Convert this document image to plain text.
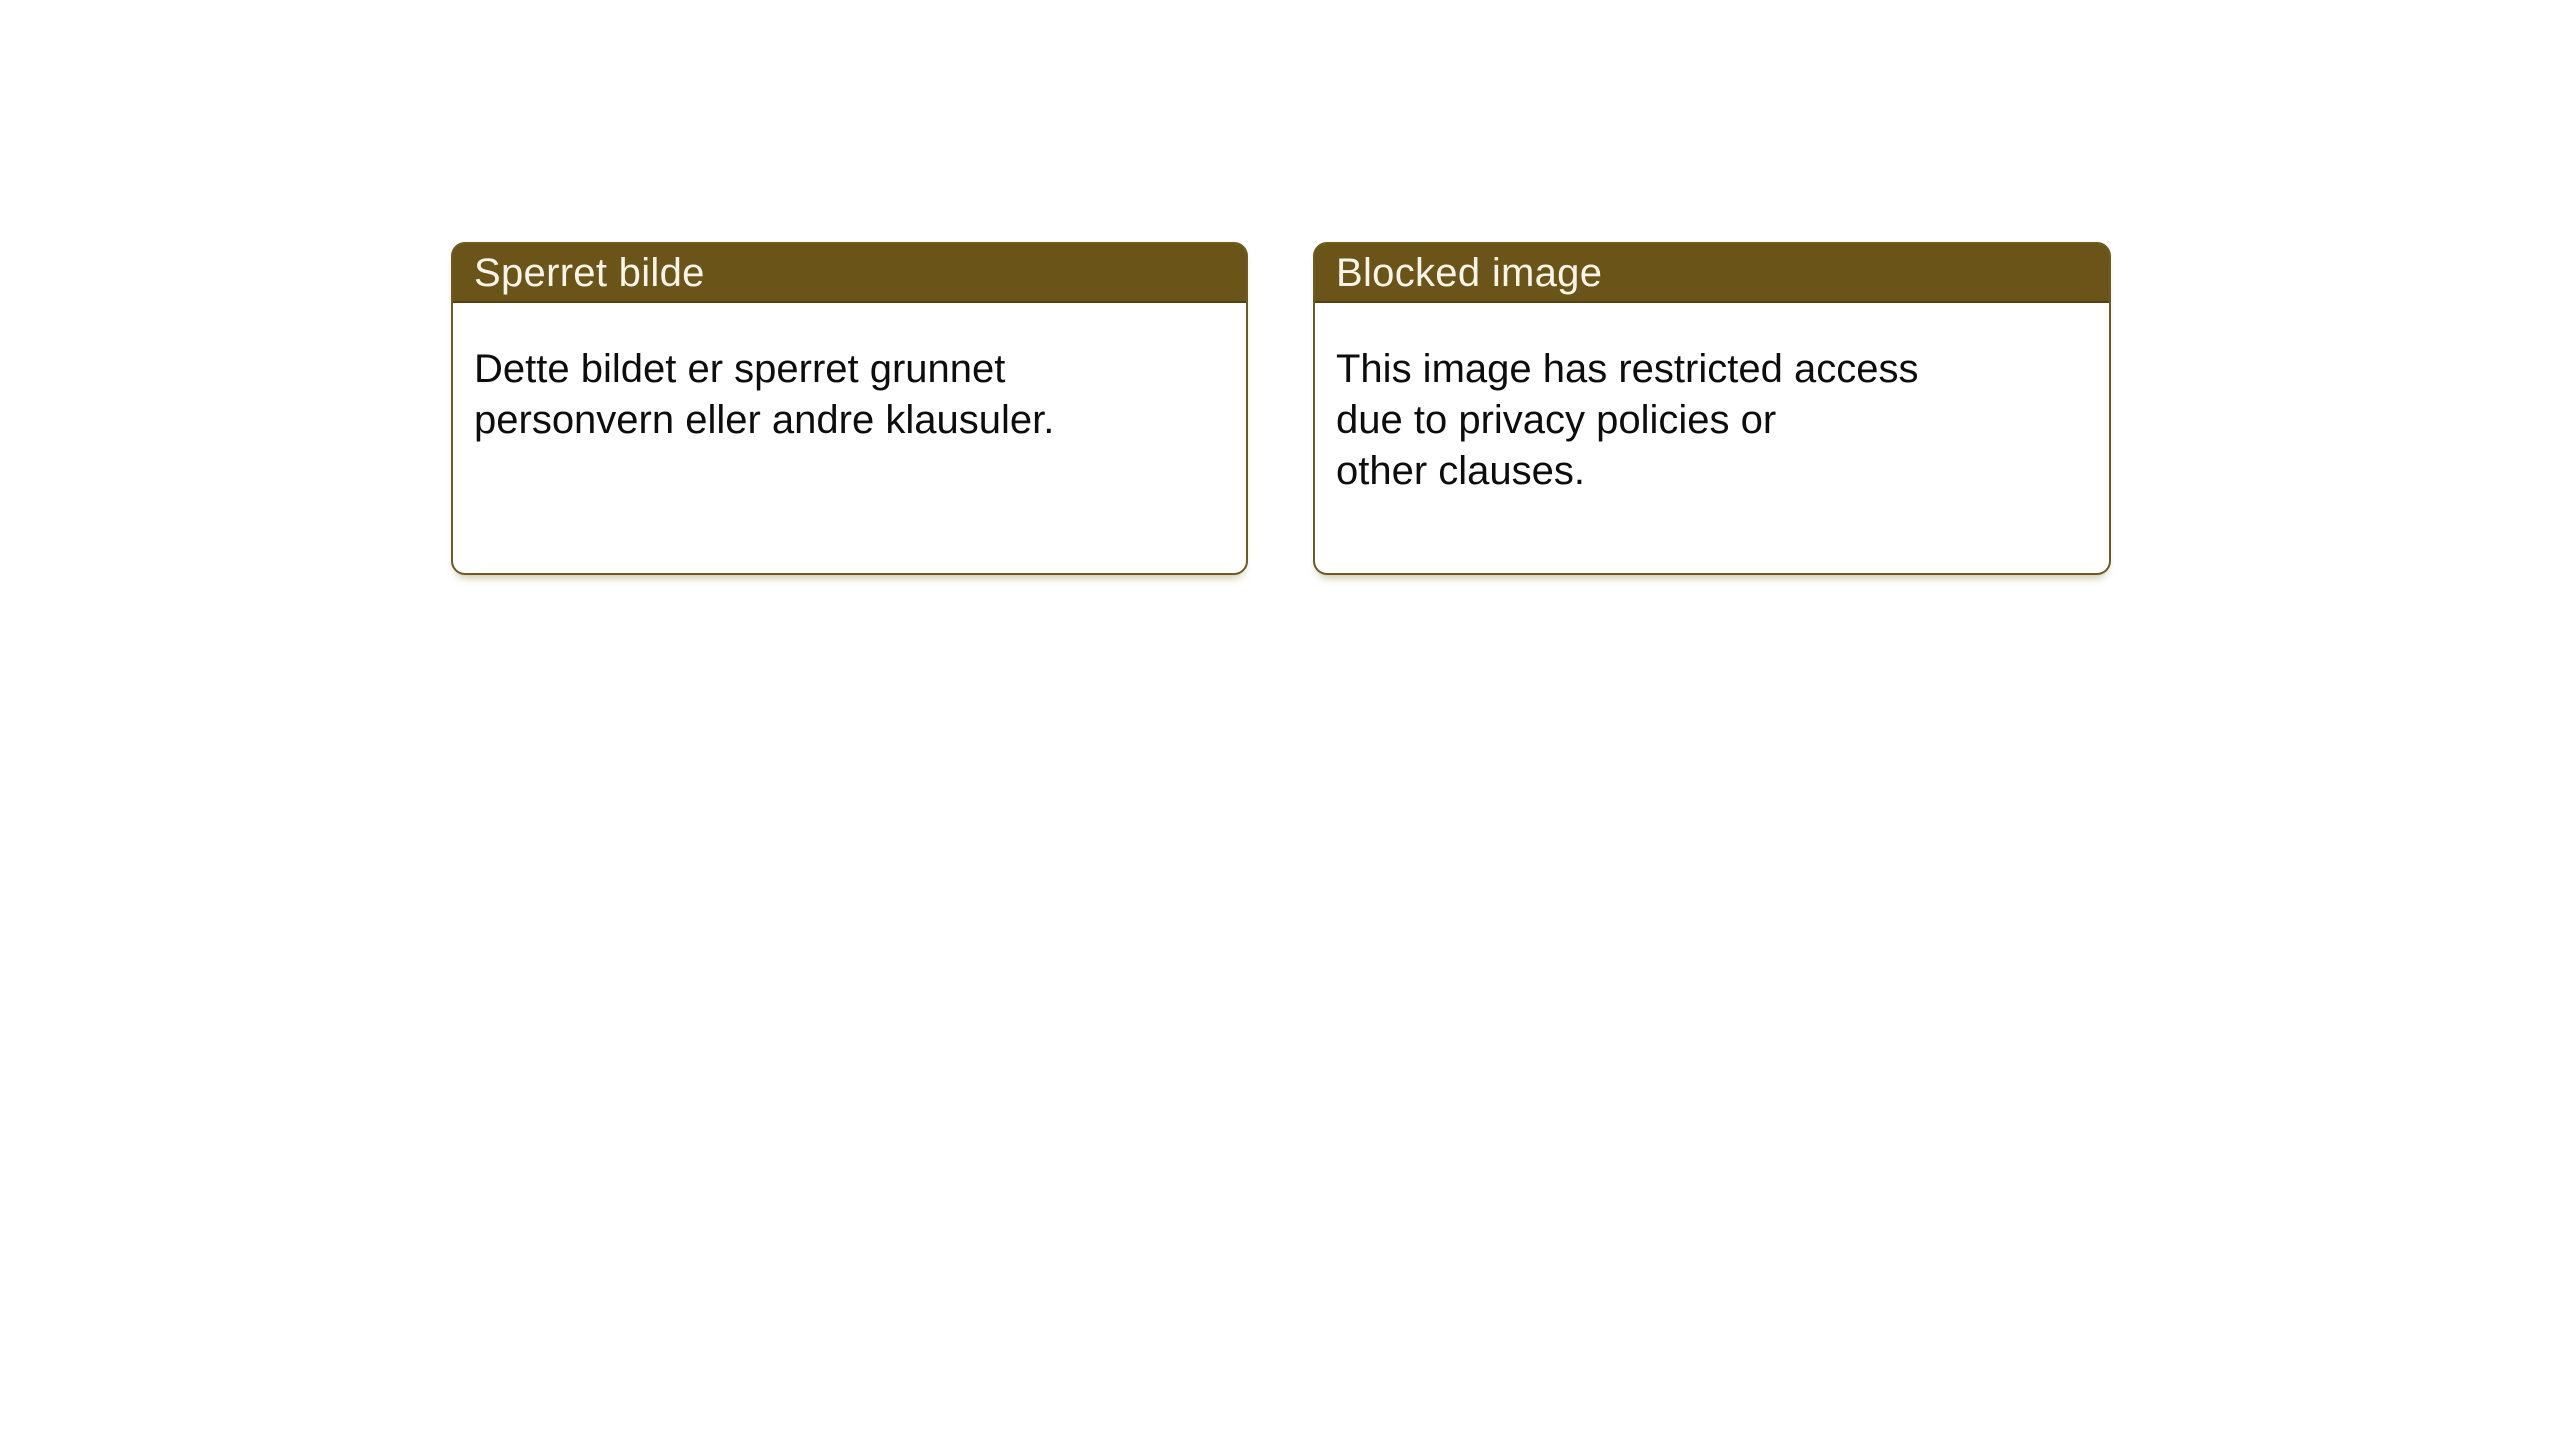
Sperret bilde
Dette bildet er sperret grunnet
personvern eller andre klausuler.
Blocked image
This image has restricted access
due to privacy policies or
other clauses.
